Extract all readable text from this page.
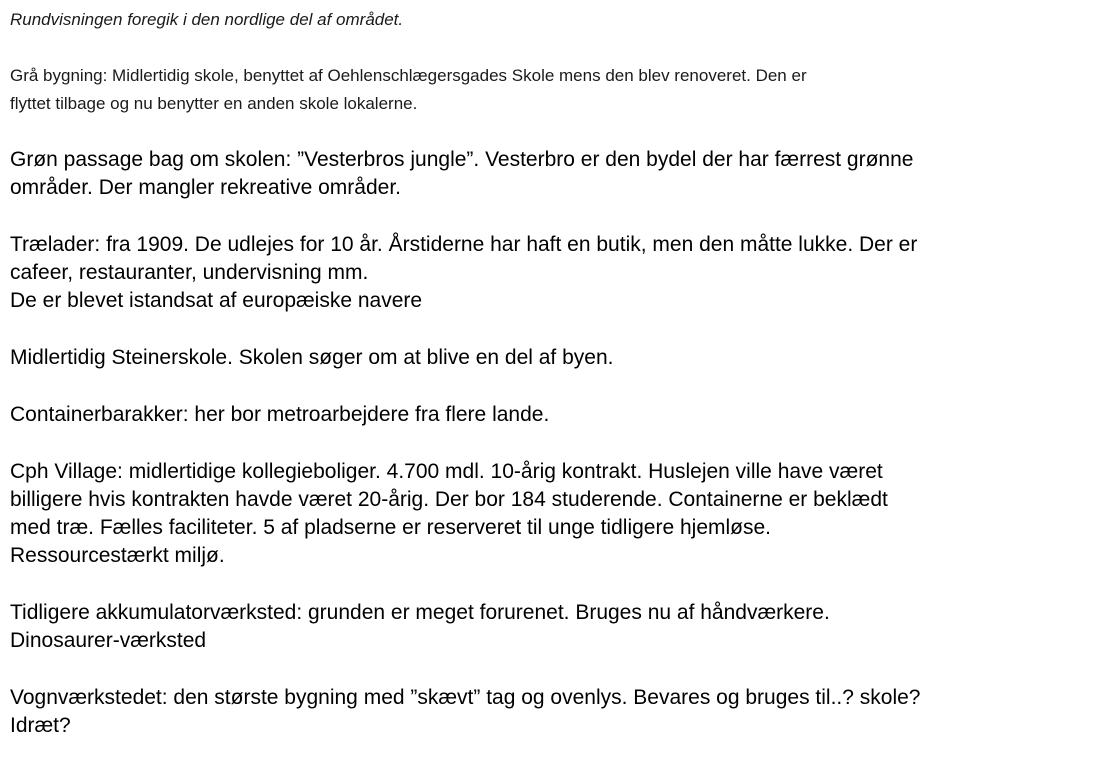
Rundvisningen foregik i den nordlige del af området.

Grå bygning: Midlertidig skole, benyttet af Oehlenschlægersgades Skole mens den blev renoveret. Den er
flyttet tilbage og nu benytter en anden skole lokalerne.

Grøn passage bag om skolen: ”Vesterbros jungle”. Vesterbro er den bydel der har færrest grønne
områder. Der mangler rekreative områder.

Trælader: fra 1909. De udlejes for 10 år. Årstiderne har haft en butik, men den måtte lukke. Der er
cafeer, restauranter, undervisning mm.
De er blevet istandsat af europæiske navere

Midlertidig Steinerskole. Skolen søger om at blive en del af byen.

Containerbarakker: her bor metroarbejdere fra flere lande.

Cph Village: midlertidige kollegieboliger. 4.700 mdl. 10-årig kontrakt. Huslejen ville have været
billigere hvis kontrakten havde været 20-årig. Der bor 184 studerende. Containerne er beklædt
med træ. Fælles faciliteter. 5 af pladserne er reserveret til unge tidligere hjemløse.
Ressourcestærkt miljø.

Tidligere akkumulatorværksted: grunden er meget forurenet. Bruges nu af håndværkere.
Dinosaurer-værksted

Vognværkstedet: den største bygning med ”skævt” tag og ovenlys. Bevares og bruges til..? skole?
Idræt?
